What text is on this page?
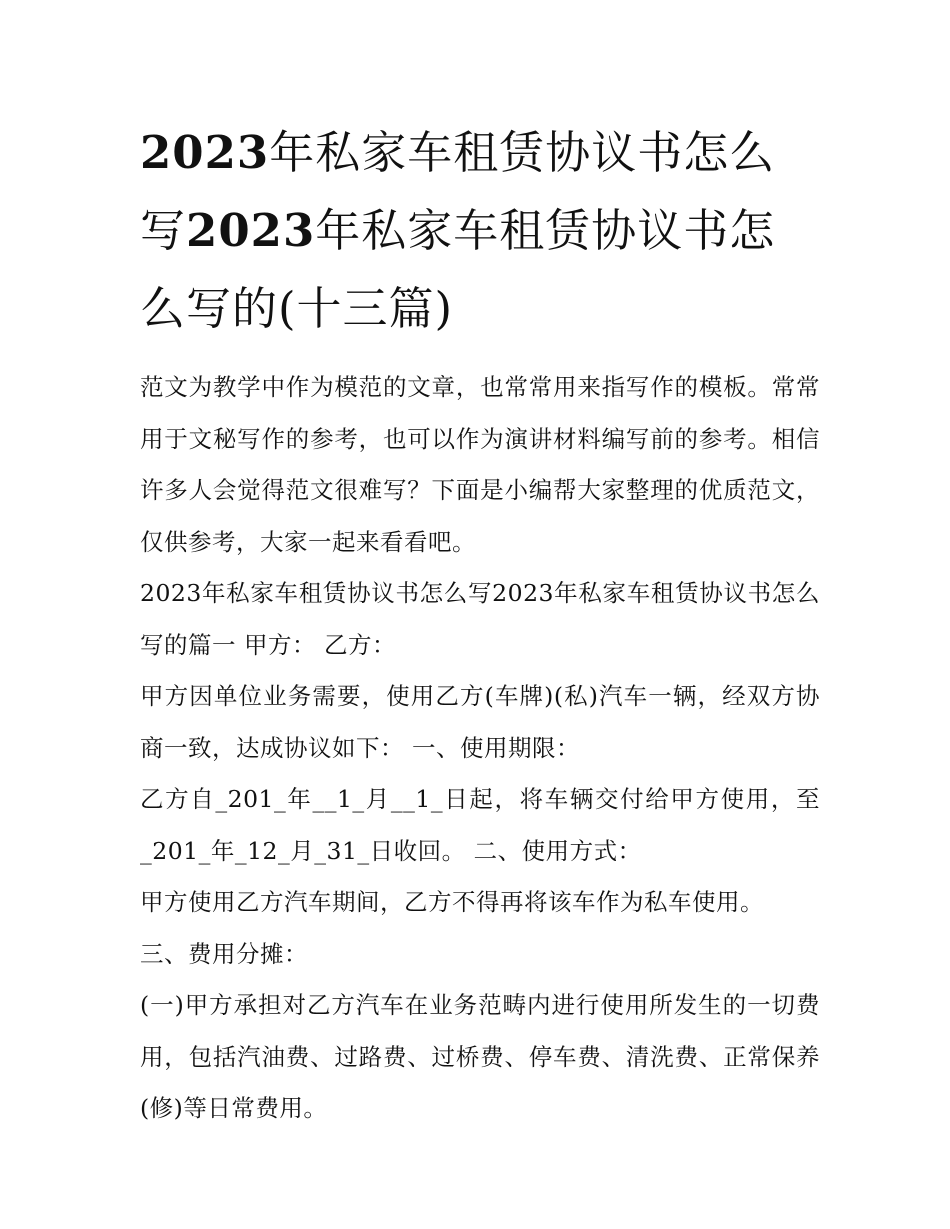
2023年私家车租赁协议书怎么写2023年私家车租赁协议书怎么写的(十三篇)

范文为教学中作为模范的文章，也常常用来指写作的模板。常常用于文秘写作的参考，也可以作为演讲材料编写前的参考。相信许多人会觉得范文很难写？下面是小编帮大家整理的优质范文，仅供参考，大家一起来看看吧。

2023年私家车租赁协议书怎么写2023年私家车租赁协议书怎么写的篇一 甲方： 乙方：

甲方因单位业务需要，使用乙方(车牌)(私)汽车一辆，经双方协商一致，达成协议如下： 一、使用期限：

乙方自_201_年__1_月__1_日起，将车辆交付给甲方使用，至_201_年_12_月_31_日收回。 二、使用方式：

甲方使用乙方汽车期间，乙方不得再将该车作为私车使用。

三、费用分摊：

(一)甲方承担对乙方汽车在业务范畴内进行使用所发生的一切费用，包括汽油费、过路费、过桥费、停车费、清洗费、正常保养(修)等日常费用。
